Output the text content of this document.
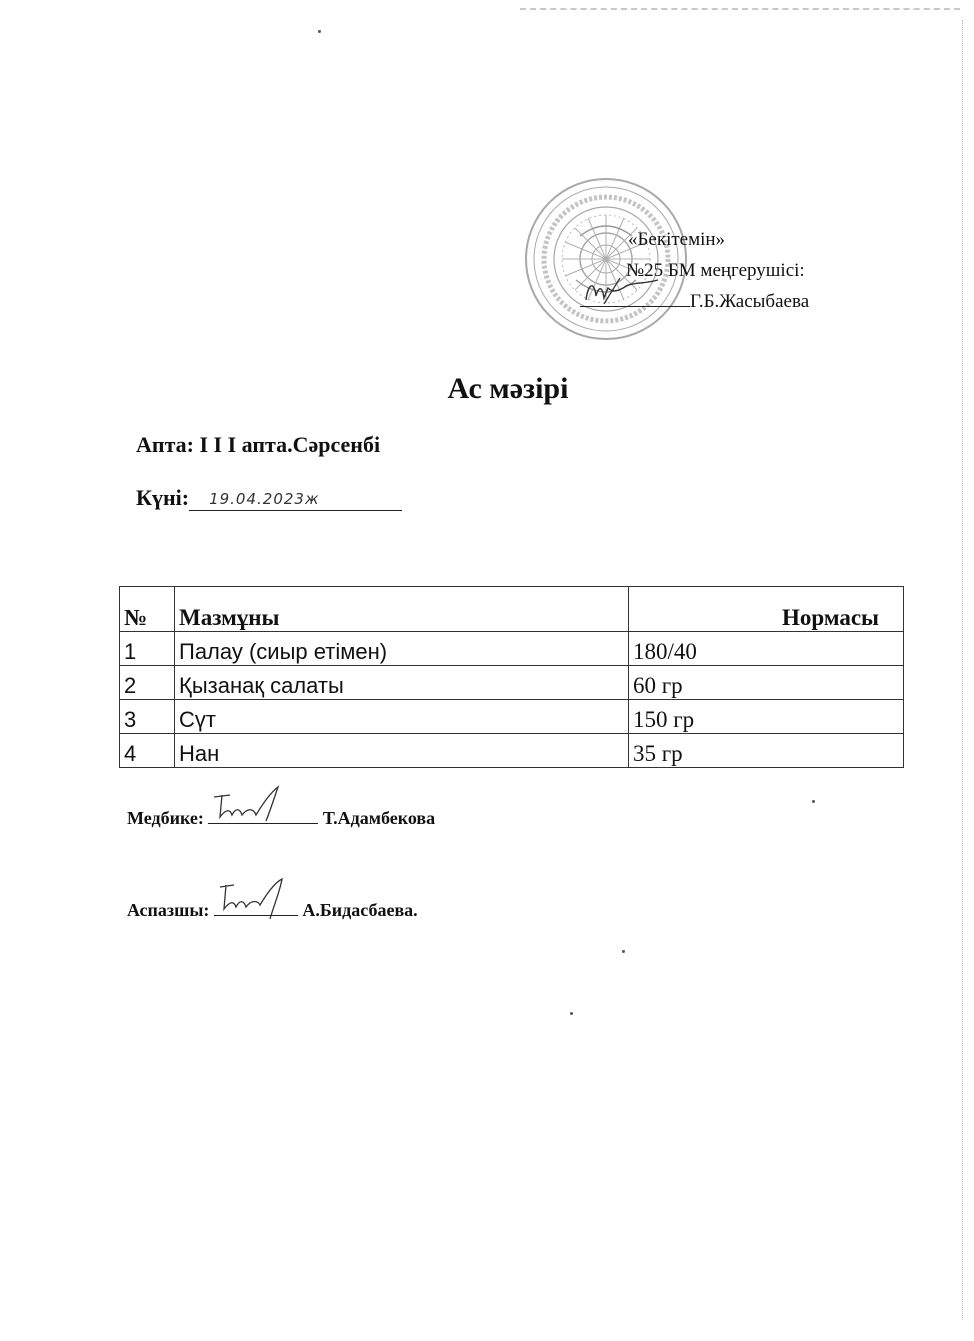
«Бекітемін»
№25 БМ меңгерушісі:
Г.Б.Жасыбаева
Ас мәзірі
Апта: І І І апта.Сәрсенбі
Күні: 19.04.2023ж
№	Мазмұны	Нормасы
1	Палау (сиыр етімен)	180/40
2	Қызанақ салаты	60 гр
3	Сүт	150 гр
4	Нан	35 гр
Медбике:	Т.Адамбекова
Аспазшы:	А.Бидасбаева.
